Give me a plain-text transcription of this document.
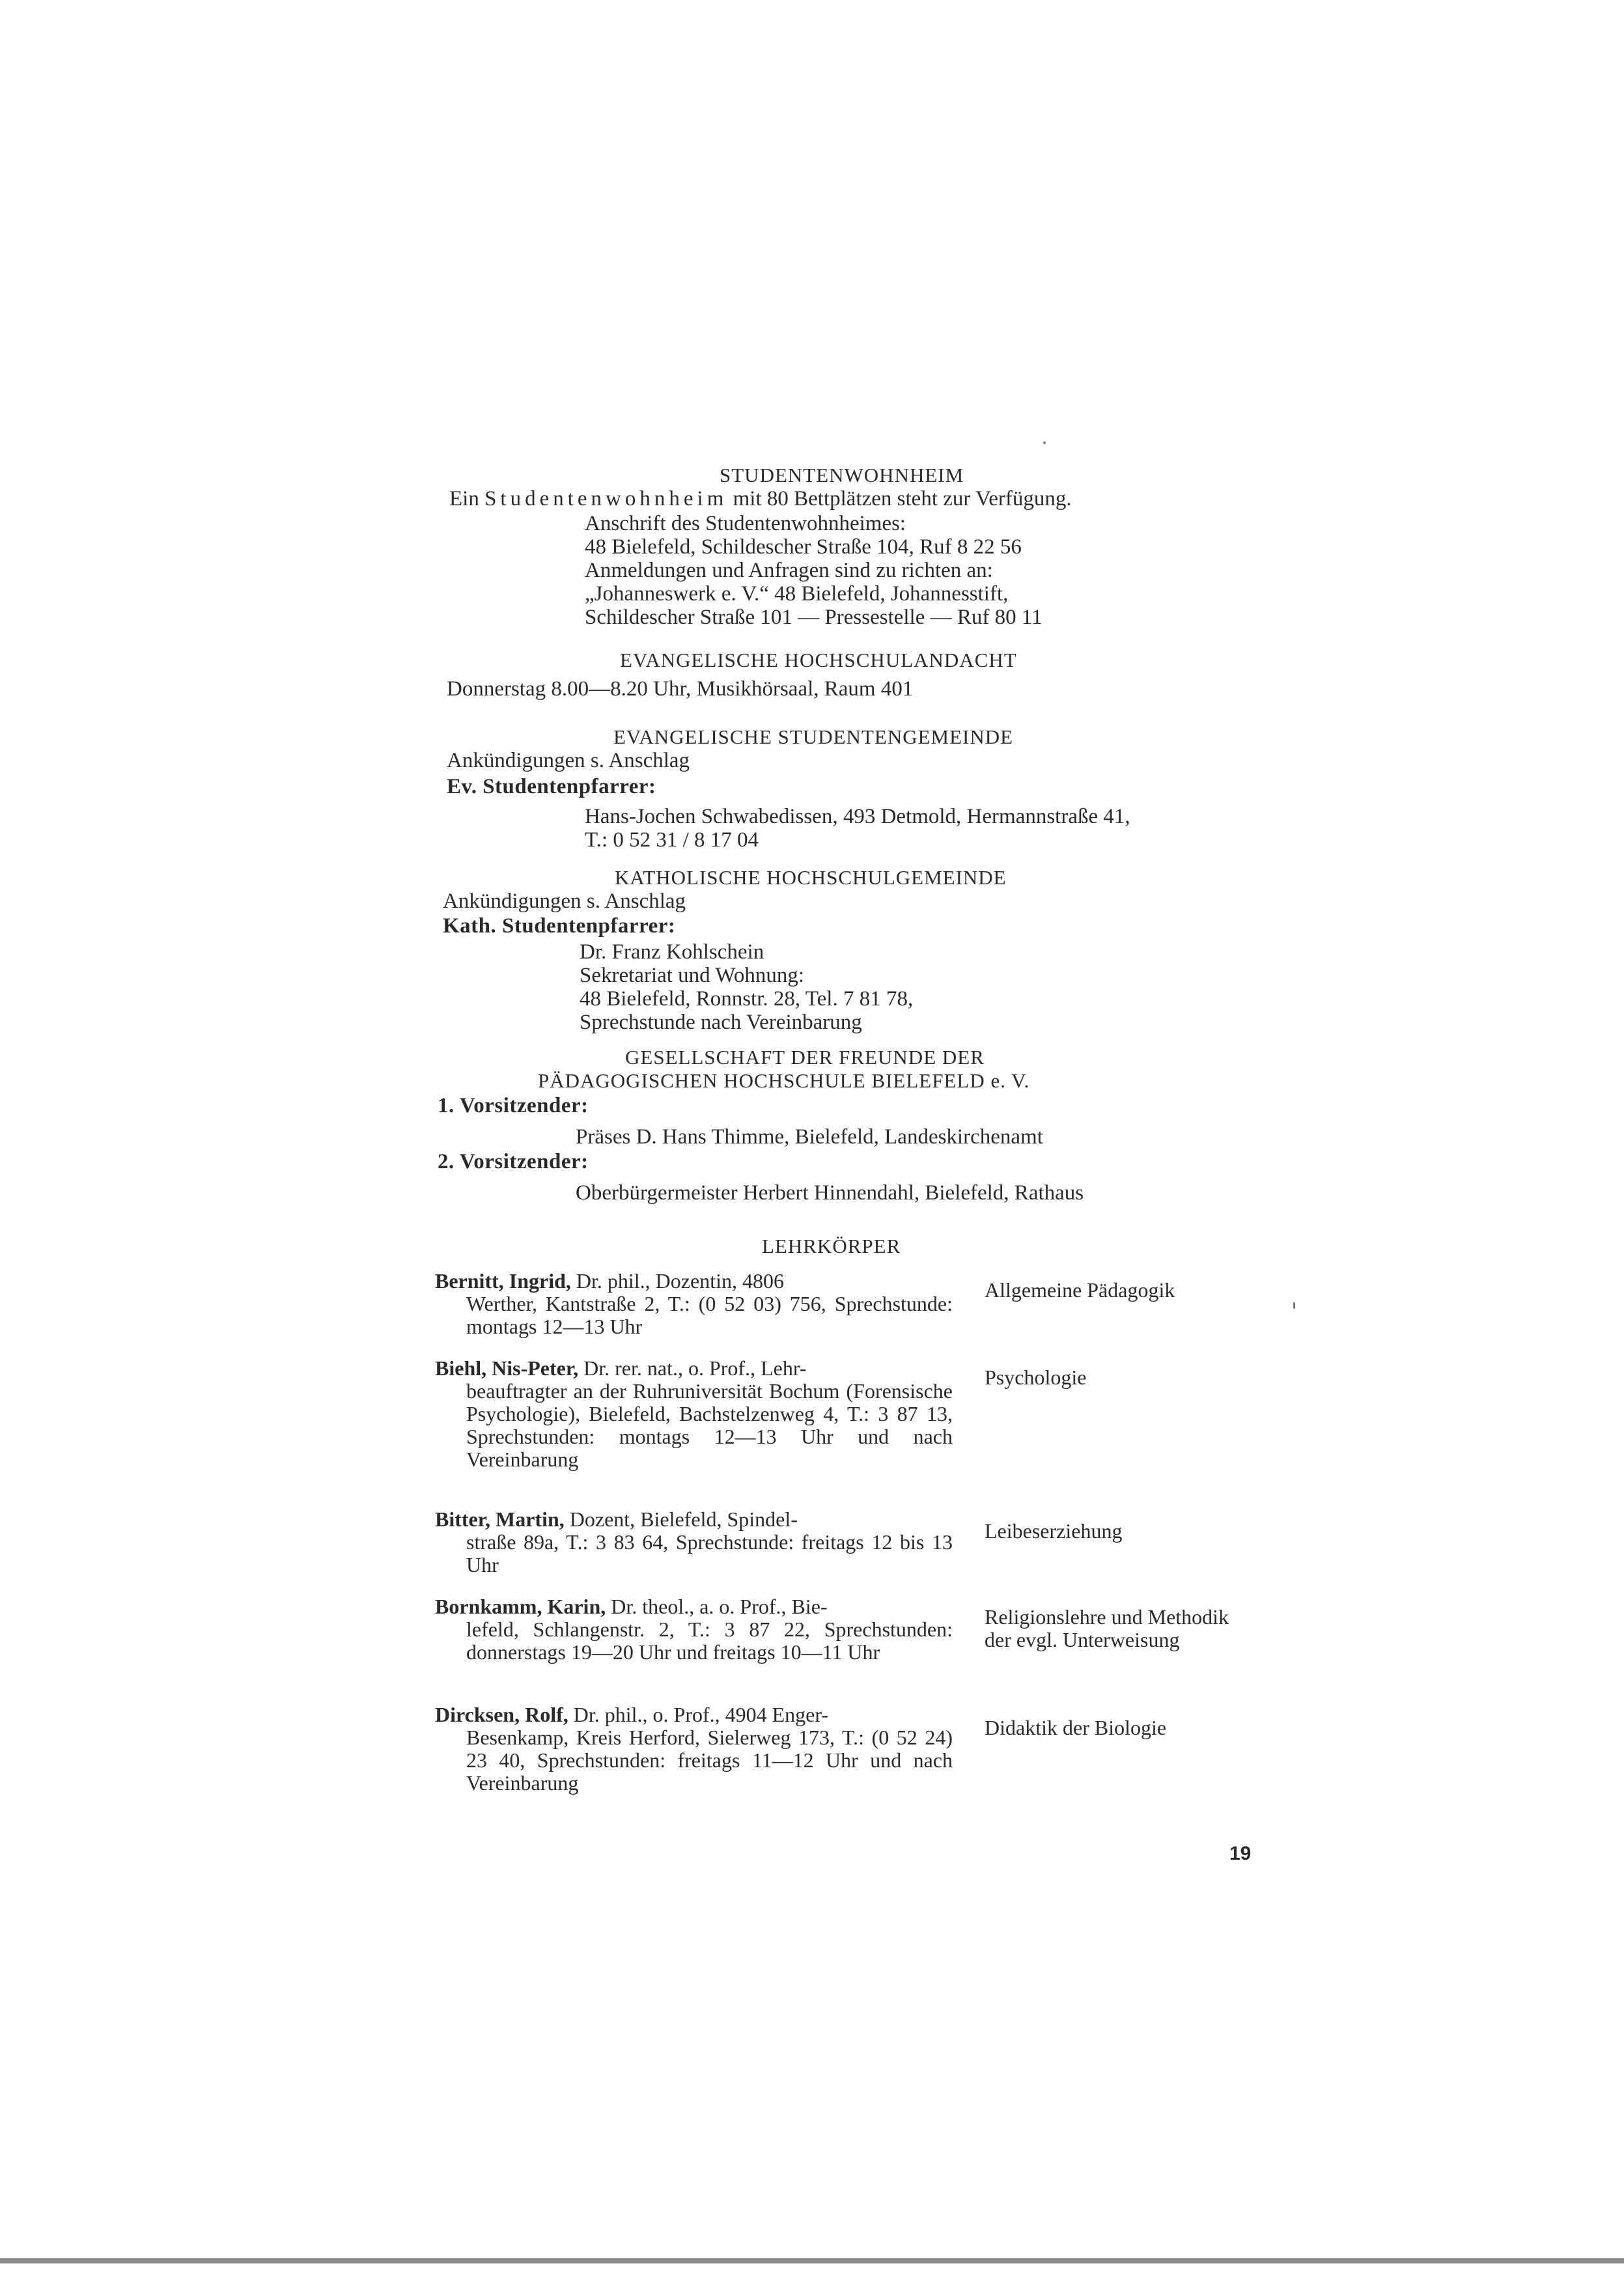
STUDENTENWOHNHEIM
Ein Studentenwohnheim mit 80 Bettplätzen steht zur Verfügung.
Anschrift des Studentenwohnheimes:
48 Bielefeld, Schildescher Straße 104, Ruf 8 22 56
Anmeldungen und Anfragen sind zu richten an:
„Johanneswerk e. V.“ 48 Bielefeld, Johannesstift,
Schildescher Straße 101 — Pressestelle — Ruf 80 11
EVANGELISCHE HOCHSCHULANDACHT
Donnerstag 8.00—8.20 Uhr, Musikhörsaal, Raum 401
EVANGELISCHE STUDENTENGEMEINDE
Ankündigungen s. Anschlag
Ev. Studentenpfarrer:
Hans-Jochen Schwabedissen, 493 Detmold, Hermannstraße 41,
T.: 0 52 31 / 8 17 04
KATHOLISCHE HOCHSCHULGEMEINDE
Ankündigungen s. Anschlag
Kath. Studentenpfarrer:
Dr. Franz Kohlschein
Sekretariat und Wohnung:
48 Bielefeld, Ronnstr. 28, Tel. 7 81 78,
Sprechstunde nach Vereinbarung
GESELLSCHAFT DER FREUNDE DER
PÄDAGOGISCHEN HOCHSCHULE BIELEFELD e. V.
1. Vorsitzender:
Präses D. Hans Thimme, Bielefeld, Landeskirchenamt
2. Vorsitzender:
Oberbürgermeister Herbert Hinnendahl, Bielefeld, Rathaus
LEHRKÖRPER
Bernitt, Ingrid, Dr. phil., Dozentin, 4806
Werther, Kantstraße 2, T.: (0 52 03) 756, Sprechstunde: montags 12—13 Uhr
Allgemeine Pädagogik
Biehl, Nis-Peter, Dr. rer. nat., o. Prof., Lehr-
beauftragter an der Ruhruniversität Bochum (Forensische Psychologie), Bielefeld, Bachstelzenweg 4, T.: 3 87 13, Sprechstunden: montags 12—13 Uhr und nach Vereinbarung
Psychologie
Bitter, Martin, Dozent, Bielefeld, Spindel-
straße 89a, T.: 3 83 64, Sprechstunde: freitags 12 bis 13 Uhr
Leibeserziehung
Bornkamm, Karin, Dr. theol., a. o. Prof., Bie-
lefeld, Schlangenstr. 2, T.: 3 87 22, Sprechstunden: donnerstags 19—20 Uhr und freitags 10—11 Uhr
Religionslehre und Methodik der evgl. Unterweisung
Dircksen, Rolf, Dr. phil., o. Prof., 4904 Enger-
Besenkamp, Kreis Herford, Sielerweg 173, T.: (0 52 24) 23 40, Sprechstunden: freitags 11—12 Uhr und nach Vereinbarung
Didaktik der Biologie
19
